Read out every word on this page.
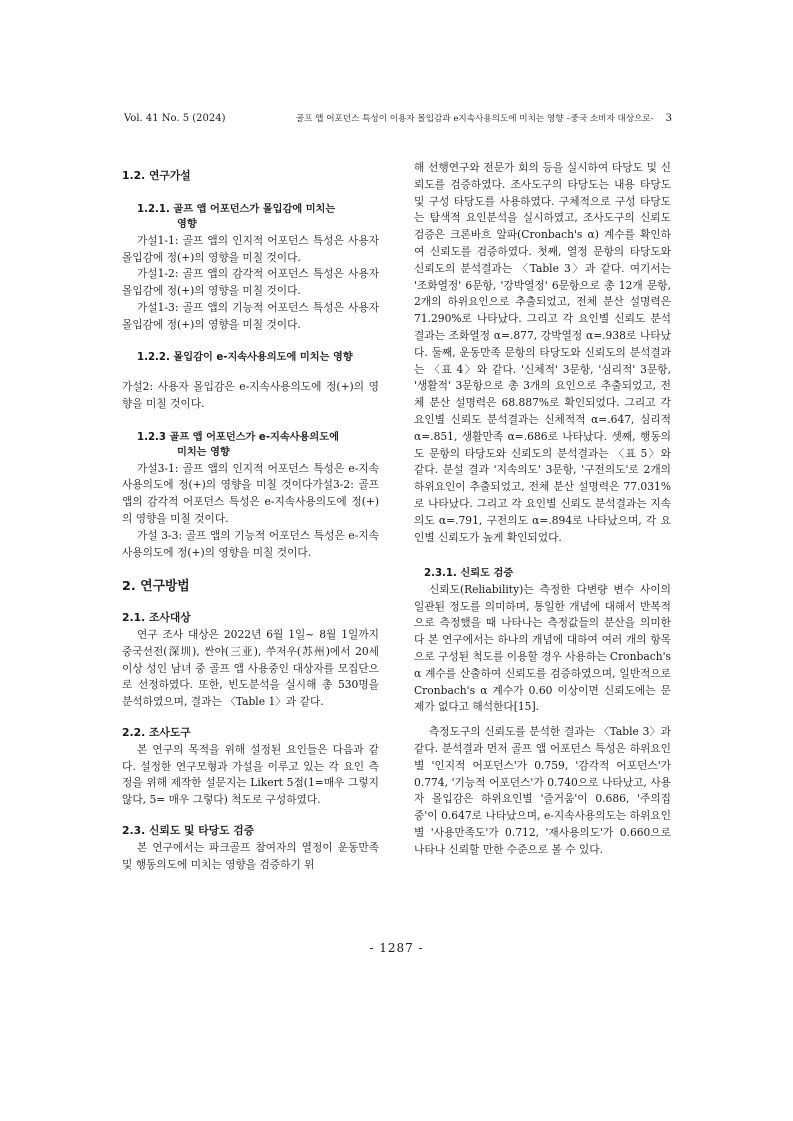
Vol. 41 No. 5 (2024)	골프 앱 어포던스 특성이 이용자 몰입감과 e지속사용의도에 미치는 영향 –중국 소비자 대상으로- 3

1.2. 연구가설

1.2.1. 골프 앱 어포던스가 몰입감에 미치는
영향

가설1-1: 골프 앱의 인지적 어포던스 특성은 사용자 몰입감에 정(+)의 영향을 미칠 것이다.

가설1-2: 골프 앱의 감각적 어포던스 특성은 사용자 몰입감에 정(+)의 영향을 미칠 것이다.

가설1-3: 골프 앱의 기능적 어포던스 특성은 사용자 몰입감에 정(+)의 영향을 미칠 것이다.

1.2.2. 몰입감이 e-지속사용의도에 미치는 영향

가설2: 사용자 몰입감은 e-지속사용의도에 정(+)의 영향을 미칠 것이다.

1.2.3 골프 앱 어포던스가 e-지속사용의도에
미치는 영향

가설3-1: 골프 앱의 인지적 어포던스 특성은 e-지속사용의도에 정(+)의 영향을 미칠 것이다가설3-2: 골프 앱의 감각적 어포던스 특성은 e-지속사용의도에 정(+)의 영향을 미칠 것이다.

가설 3-3: 골프 앱의 기능적 어포던스 특성은 e-지속사용의도에 정(+)의 영향을 미칠 것이다.

2. 연구방법

2.1. 조사대상

연구 조사 대상은 2022년 6월 1일~ 8월 1일까지 중국선전(深圳), 싼야(三亚), 쑤저우(苏州)에서 20세 이상 성인 남녀 중 골프 앱 사용중인 대상자를 모집단으로 선정하였다. 또한, 빈도분석을 실시해 총 530명을 분석하였으며, 결과는 〈Table 1〉과 같다.

2.2. 조사도구

본 연구의 목적을 위해 설정된 요인들은 다음과 같다. 설정한 연구모형과 가설을 이루고 있는 각 요인 측정을 위해 제작한 설문지는 Likert 5점(1=매우 그렇지 않다, 5= 매우 그렇다) 척도로 구성하였다.

2.3. 신뢰도 및 타당도 검증

본 연구에서는 파크골프 참여자의 열정이 운동만족 및 행동의도에 미치는 영향을 검증하기 위

해 선행연구와 전문가 회의 등을 실시하여 타당도 및 신뢰도를 검증하였다. 조사도구의 타당도는 내용 타당도 및 구성 타당도를 사용하였다. 구체적으로 구성 타당도는 탐색적 요인분석을 실시하였고, 조사도구의 신뢰도 검증은 크론바흐 알파(Cronbach's α) 계수를 확인하여 신뢰도를 검증하였다. 첫째, 열정 문항의 타당도와 신뢰도의 분석결과는 〈Table 3〉과 같다. 여기서는 '조화열정' 6문항, '강박열정' 6문항으로 총 12개 문항, 2개의 하위요인으로 추출되었고, 전체 분산 설명력은 71.290%로 나타났다. 그리고 각 요인별 신뢰도 분석결과는 조화열정 α=.877, 강박열정 α=.938로 나타났다. 둘째, 운동만족 문항의 타당도와 신뢰도의 분석결과는 〈표 4〉와 같다. '신체적' 3문항, '심리적' 3문항, '생활적' 3문항으로 총 3개의 요인으로 추출되었고, 전체 분산 설명력은 68.887%로 확인되었다. 그리고 각 요인별 신뢰도 분석결과는 신체적적 α=.647, 심리적 α=.851, 생활만족 α=.686로 나타났다. 셋째, 행동의도 문항의 타당도와 신뢰도의 분석결과는 〈표 5〉와 같다. 분설 결과 '지속의도' 3문항, '구전의도'로 2개의 하위요인이 추출되었고, 전체 분산 설명력은 77.031%로 나타났다. 그리고 각 요인별 신뢰도 분석결과는 지속의도 α=.791, 구전의도 α=.894로 나타났으며, 각 요인별 신뢰도가 높게 확인되었다.

2.3.1. 신뢰도 검증

신뢰도(Reliability)는 측정한 다변량 변수 사이의 일관된 정도를 의미하며, 통일한 개념에 대해서 반복적으로 측정했을 때 나타나는 측정값들의 분산을 의미한다 본 연구에서는 하나의 개념에 대하여 여러 개의 항목으로 구성된 척도를 이용할 경우 사용하는 Cronbach's α 계수를 산출하여 신뢰도를 검증하였으며, 일반적으로 Cronbach's α 계수가 0.60 이상이면 신뢰도에는 문제가 없다고 해석한다[15].

측정도구의 신뢰도를 분석한 결과는 〈Table 3〉과 같다. 분석결과 먼저 골프 앱 어포던스 특성은 하위요인별 '인지적 어포던스'가 0.759, '감각적 어포던스'가 0.774, '기능적 어포던스'가 0.740으로 나타났고, 사용자 몰입감은 하위요인별 '즐거움'이 0.686, '주의집중'이 0.647로 나타났으며, e-지속사용의도는 하위요인별 '사용만족도'가 0.712, '재사용의도'가 0.660으로 나타나 신뢰할 만한 수준으로 볼 수 있다.

- 1287 -
